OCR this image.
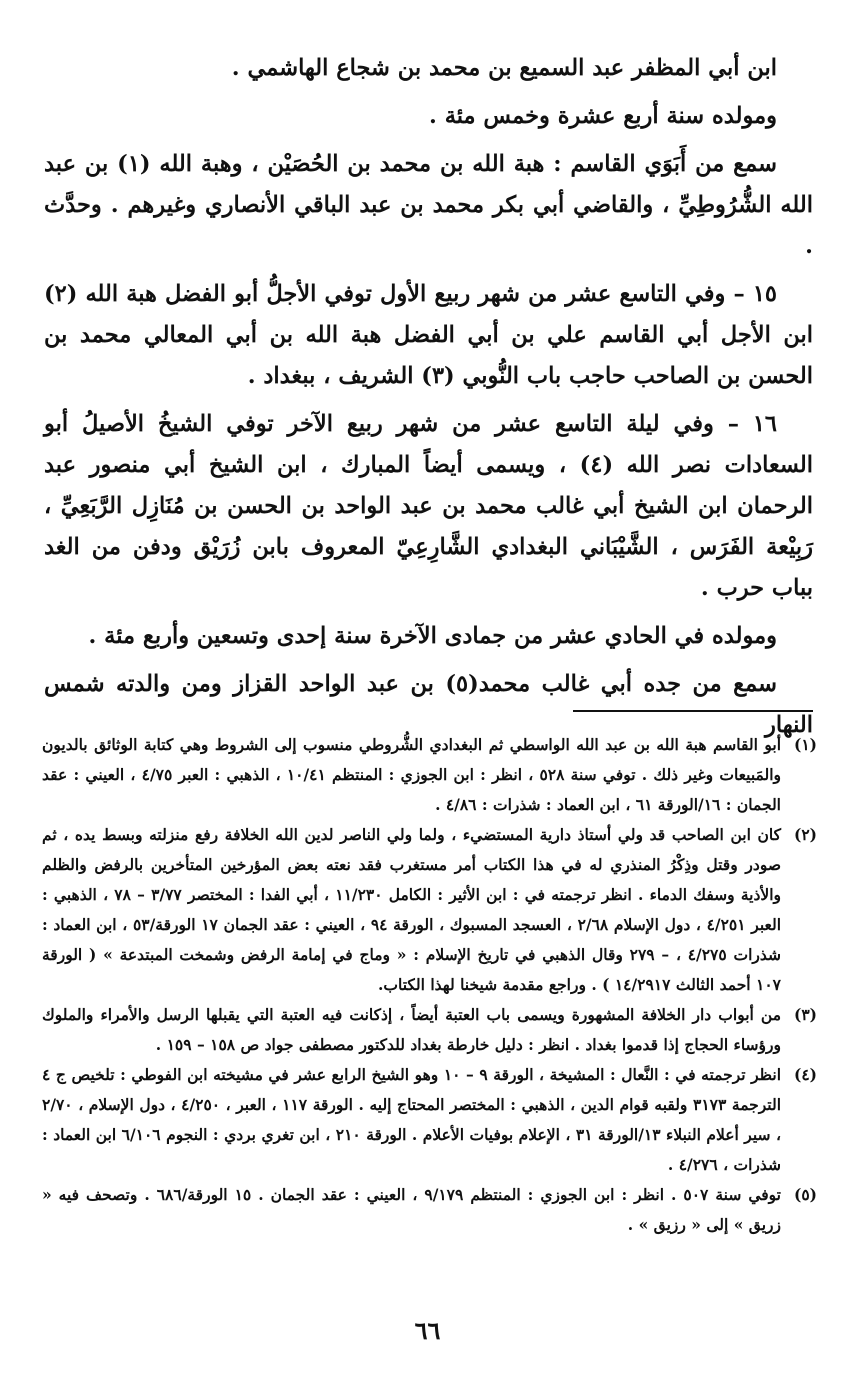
ابن أبي المظفر عبد السميع بن محمد بن شجاع الهاشمي .

ومولده سنة أربع عشرة وخمس مئة .

سمع من أَبَوَي القاسم : هبة الله بن محمد بن الحُصَيْن ، وهبة الله (١) بن عبد الله الشُّرُوطِيِّ ، والقاضي أبي بكر محمد بن عبد الباقي الأنصاري وغيرهم . وحدَّث .

١٥ – وفي التاسع عشر من شهر ربيع الأول توفي الأجلُّ أبو الفضل هبة الله (٢) ابن الأجل أبي القاسم علي بن أبي الفضل هبة الله بن أبي المعالي محمد بن الحسن بن الصاحب حاجب باب النُّوبي (٣) الشريف ، ببغداد .

١٦ – وفي ليلة التاسع عشر من شهر ربيع الآخر توفي الشيخُ الأصيلُ أبو السعادات نصر الله (٤) ، ويسمى أيضاً المبارك ، ابن الشيخ أبي منصور عبد الرحمان ابن الشيخ أبي غالب محمد بن عبد الواحد بن الحسن بن مُنَازِل الرَّبَعِيِّ ، رَبِيْعة الفَرَس ، الشَّيْبَاني البغدادي الشَّارِعِيّ المعروف بابن زُرَيْق ودفن من الغد بباب حرب .

ومولده في الحادي عشر من جمادى الآخرة سنة إحدى وتسعين وأربع مئة .

سمع من جده أبي غالب محمد(٥) بن عبد الواحد القزاز ومن والدته شمس النهار

(١)أبو القاسم هبة الله بن عبد الله الواسطي ثم البغدادي الشُّروطي منسوب إلى الشروط وهي كتابة الوثائق بالديون والمَبيعات وغير ذلك . توفي سنة ٥٢٨ ، انظر : ابن الجوزي : المنتظم ١٠/٤١ ، الذهبي : العبر ٤/٧٥ ، العيني : عقد الجمان : ١٦/الورقة ٦١ ، ابن العماد : شذرات : ٤/٨٦ .

(٢)كان ابن الصاحب قد ولي أستاذ دارية المستضيء ، ولما ولي الناصر لدين الله الخلافة رفع منزلته وبسط يده ، ثم صودر وقتل وذِكْرُ المنذري له في هذا الكتاب أمر مستغرب فقد نعته بعض المؤرخين المتأخرين بالرفض والظلم والأذية وسفك الدماء . انظر ترجمته في : ابن الأثير : الكامل ١١/٢٣٠ ، أبي الفدا : المختصر ٣/٧٧ – ٧٨ ، الذهبي : العبر ٤/٢٥١ ، دول الإسلام ٢/٦٨ ، العسجد المسبوك ، الورقة ٩٤ ، العيني : عقد الجمان ١٧ الورقة/٥٣ ، ابن العماد : شذرات ٤/٢٧٥ ، – ٢٧٩ وقال الذهبي في تاريخ الإسلام : « وماج في إمامة الرفض وشمخت المبتدعة » ( الورقة ١٠٧ أحمد الثالث ١٤/٢٩١٧ ) . وراجع مقدمة شيخنا لهذا الكتاب.

(٣)من أبواب دار الخلافة المشهورة ويسمى باب العتبة أيضاً ، إذكانت فيه العتبة التي يقبلها الرسل والأمراء والملوك ورؤساء الحجاج إذا قدموا بغداد . انظر : دليل خارطة بغداد للدكتور مصطفى جواد ص ١٥٨ – ١٥٩ .

(٤)انظر ترجمته في : النَّعال : المشيخة ، الورقة ٩ – ١٠ وهو الشيخ الرابع عشر في مشيخته ابن الفوطي : تلخيص ج ٤ الترجمة ٣١٧٣ ولقبه قوام الدين ، الذهبي : المختصر المحتاج إليه . الورقة ١١٧ ، العبر ، ٤/٢٥٠ ، دول الإسلام ، ٢/٧٠ ، سير أعلام النبلاء ١٣/الورقة ٣١ ، الإعلام بوفيات الأعلام . الورقة ٢١٠ ، ابن تغري بردي : النجوم ٦/١٠٦ ابن العماد : شذرات ، ٤/٢٧٦ .

(٥)توفي سنة ٥٠٧ . انظر : ابن الجوزي : المنتظم ٩/١٧٩ ، العيني : عقد الجمان . ١٥ الورقة/٦٨٦ . وتصحف فيه « زريق » إلى « رزيق » .

٦٦
